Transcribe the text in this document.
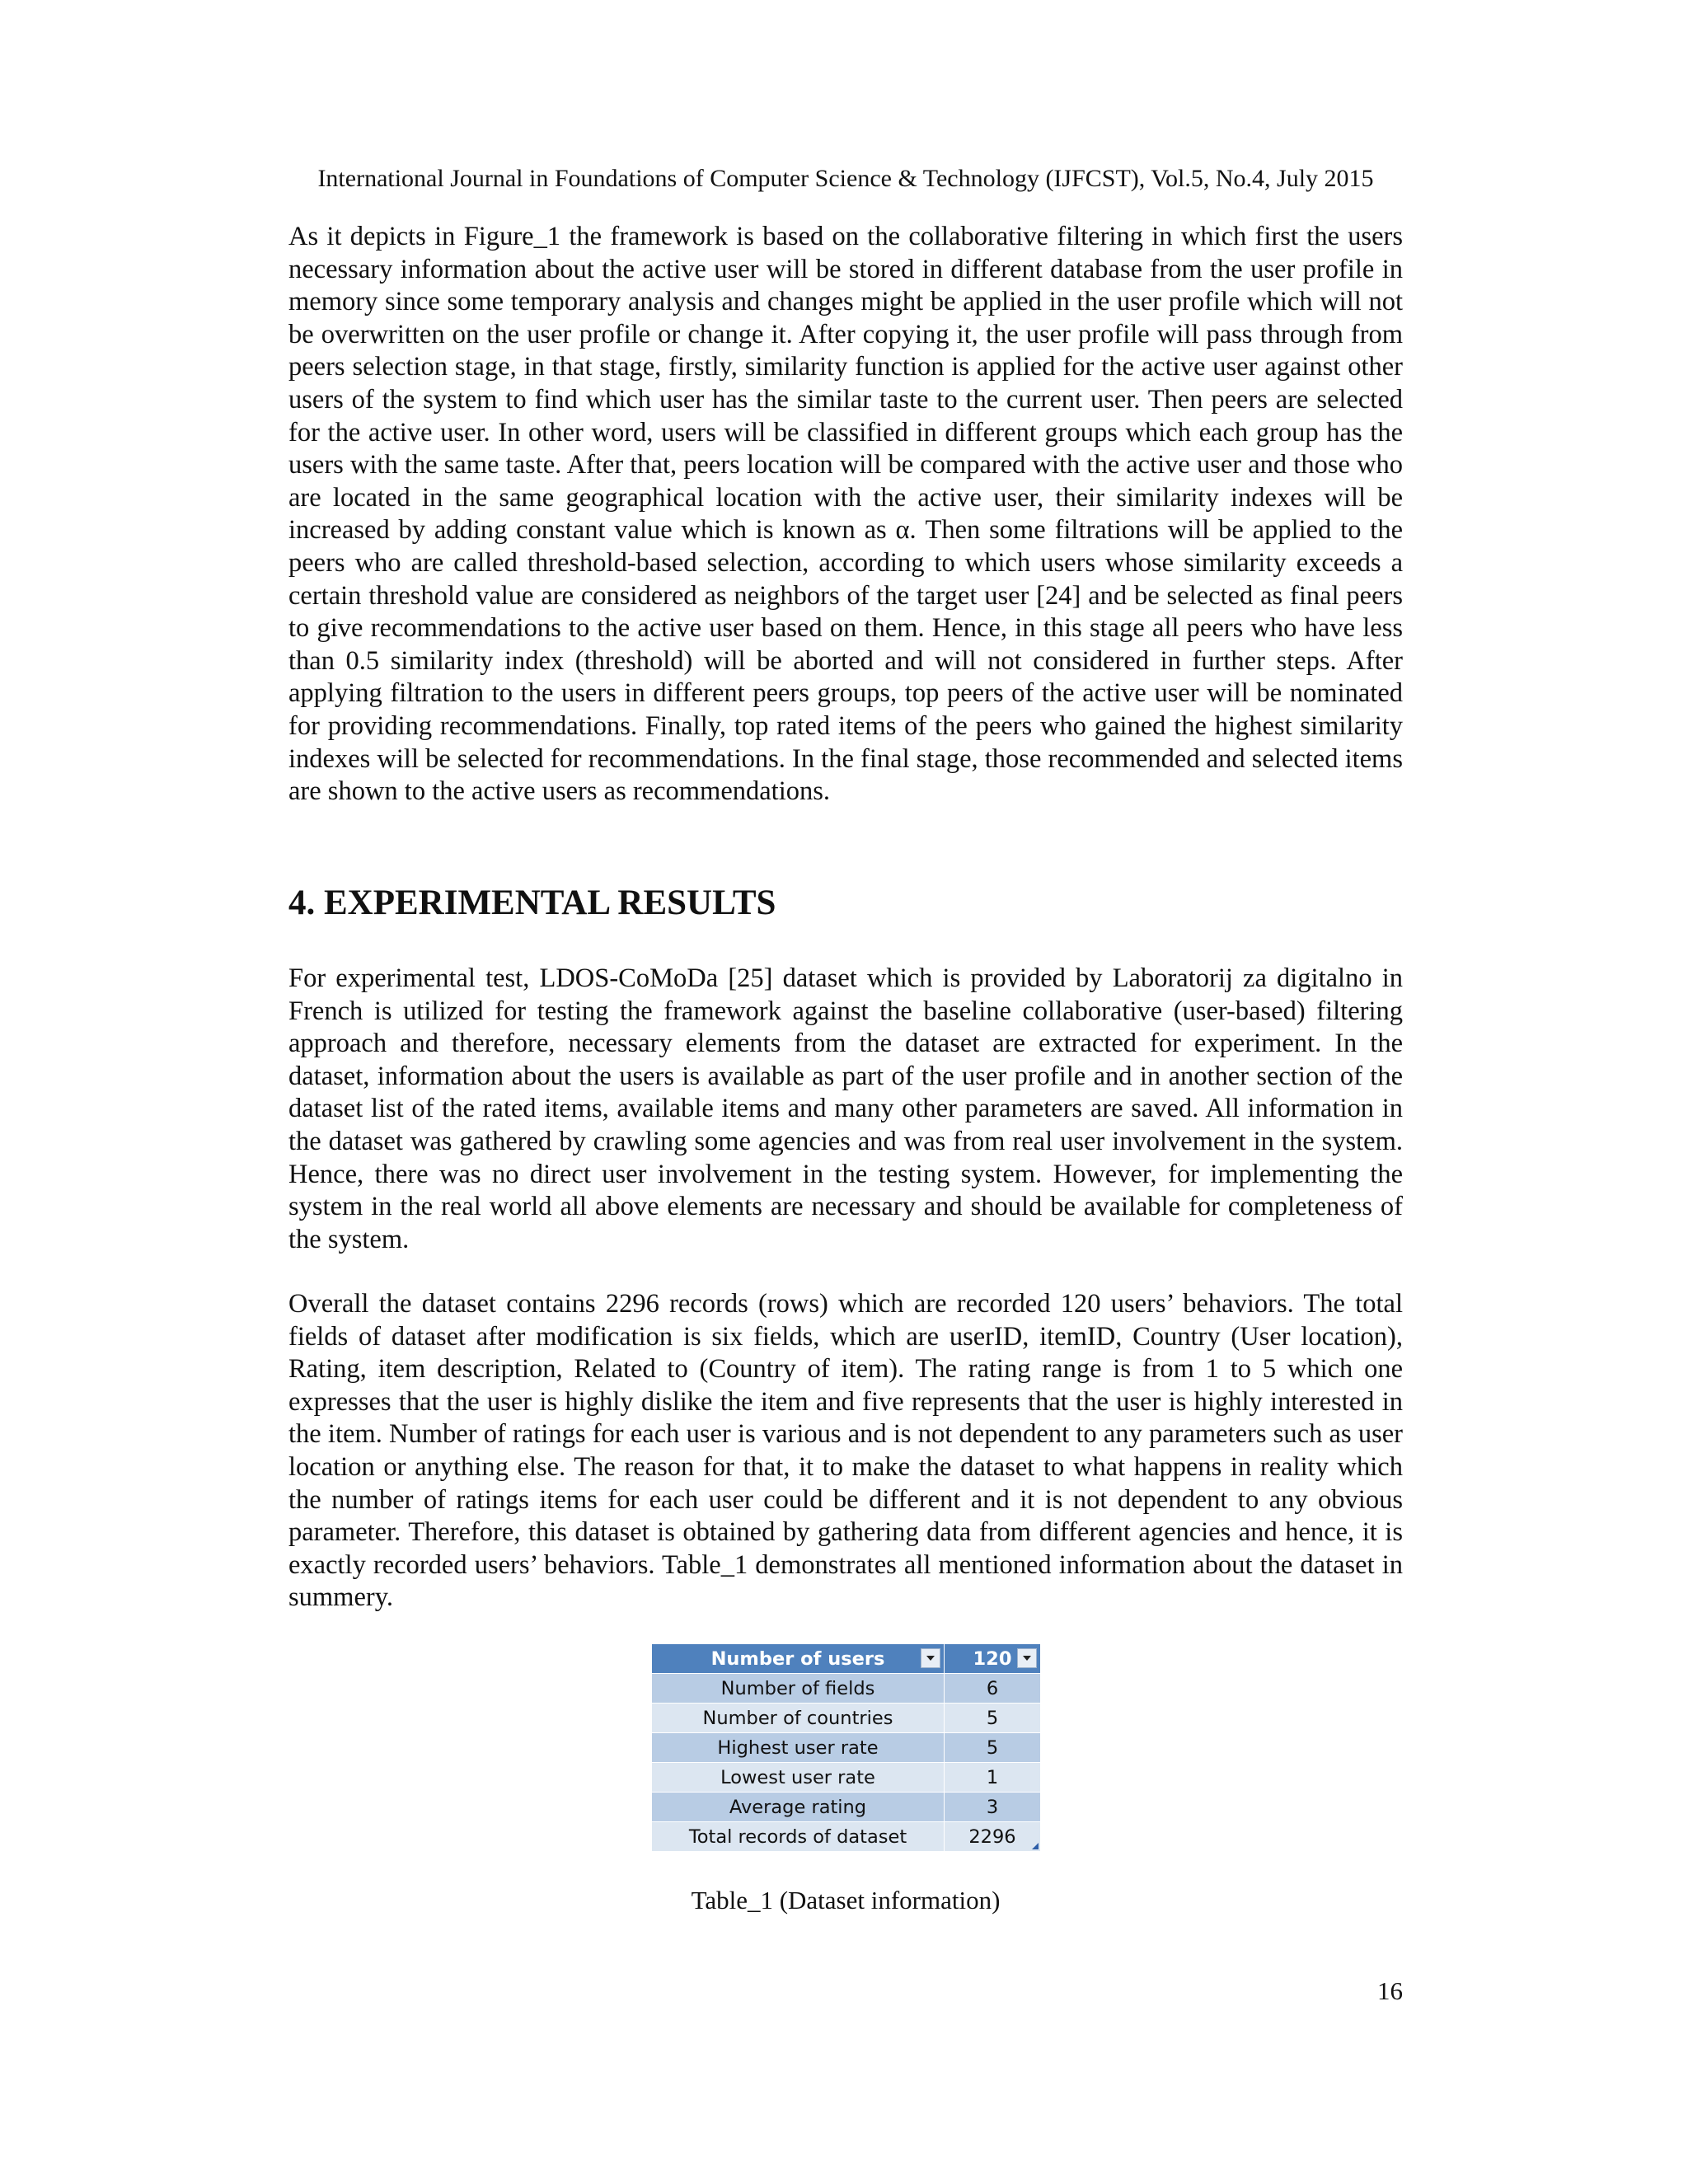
International Journal in Foundations of Computer Science & Technology (IJFCST), Vol.5, No.4, July 2015

As it depicts in Figure_1 the framework is based on the collaborative filtering in which first the users necessary information about the active user will be stored in different database from the user profile in memory since some temporary analysis and changes might be applied in the user profile which will not be overwritten on the user profile or change it. After copying it, the user profile will pass through from peers selection stage, in that stage, firstly, similarity function is applied for the active user against other users of the system to find which user has the similar taste to the current user. Then peers are selected for the active user. In other word, users will be classified in different groups which each group has the users with the same taste. After that, peers location will be compared with the active user and those who are located in the same geographical location with the active user, their similarity indexes will be increased by adding constant value which is known as α. Then some filtrations will be applied to the peers who are called threshold-based selection, according to which users whose similarity exceeds a certain threshold value are considered as neighbors of the target user [24] and be selected as final peers to give recommendations to the active user based on them. Hence, in this stage all peers who have less than 0.5 similarity index (threshold) will be aborted and will not considered in further steps. After applying filtration to the users in different peers groups, top peers of the active user will be nominated for providing recommendations. Finally, top rated items of the peers who gained the highest similarity indexes will be selected for recommendations. In the final stage, those recommended and selected items are shown to the active users as recommendations.

4. EXPERIMENTAL RESULTS

For experimental test, LDOS-CoMoDa [25] dataset which is provided by Laboratorij za digitalno in French is utilized for testing the framework against the baseline collaborative (user-based) filtering approach and therefore, necessary elements from the dataset are extracted for experiment. In the dataset, information about the users is available as part of the user profile and in another section of the dataset list of the rated items, available items and many other parameters are saved. All information in the dataset was gathered by crawling some agencies and was from real user involvement in the system. Hence, there was no direct user involvement in the testing system. However, for implementing the system in the real world all above elements are necessary and should be available for completeness of the system.

Overall the dataset contains 2296 records (rows) which are recorded 120 users’ behaviors. The total fields of dataset after modification is six fields, which are userID, itemID, Country (User location), Rating, item description, Related to (Country of item). The rating range is from 1 to 5 which one expresses that the user is highly dislike the item and five represents that the user is highly interested in the item. Number of ratings for each user is various and is not dependent to any parameters such as user location or anything else. The reason for that, it to make the dataset to what happens in reality which the number of ratings items for each user could be different and it is not dependent to any obvious parameter. Therefore, this dataset is obtained by gathering data from different agencies and hence, it is exactly recorded users’ behaviors. Table_1 demonstrates all mentioned information about the dataset in summery.

Number of users	120

Number of fields	6
Number of countries	5
Highest user rate	5
Lowest user rate	1
Average rating	3
Total records of dataset	2296
Table_1 (Dataset information)
16
